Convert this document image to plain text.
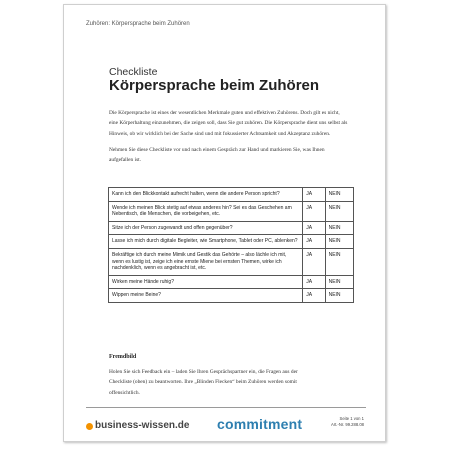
Zuhören: Körpersprache beim Zuhören
Checkliste
Körpersprache beim Zuhören

Die Körpersprache ist eines der wesentlichen Merkmale guten und effektiven Zuhörens. Doch gilt es nicht, eine Körperhaltung einzunehmen, die zeigen soll, dass Sie gut zuhören. Die Körpersprache dient uns selbst als Hinweis, ob wir wirklich bei der Sache sind und mit fokussierter Achtsamkeit und Akzeptanz zuhören.

Nehmen Sie diese Checkliste vor und nach einem Gespräch zur Hand und markieren Sie, was Ihnen aufgefallen ist.

Kann ich den Blickkontakt aufrecht halten, wenn die andere Person spricht?	JA	NEIN
Wende ich meinen Blick stetig auf etwas anderes hin? Sei es das Geschehen am Nebentisch, die Menschen, die vorbeigehen, etc.	JA	NEIN
Sitze ich der Person zugewandt und offen gegenüber?	JA	NEIN
Lasse ich mich durch digitale Begleiter, wie Smartphone, Tablet oder PC, ablenken?	JA	NEIN
Bekräftige ich durch meine Mimik und Gestik das Gehörte – also lächle ich mit, wenn es lustig ist, zeige ich eine ernste Miene bei ernsten Themen, wirke ich nachdenklich, wenn es angebracht ist, etc.	JA	NEIN
Wirken meine Hände ruhig?	JA	NEIN
Wippen meine Beine?	JA	NEIN
Fremdbild
Holen Sie sich Feedback ein – laden Sie Ihren Gesprächspartner ein, die Fragen aus der Checkliste (oben) zu beantworten. Ihre „Blinden Flecken“ beim Zuhören werden somit offensichtlich.
business-wissen.de commitment	Seite 1 von 1
Art.-Nr. 99.288.08
